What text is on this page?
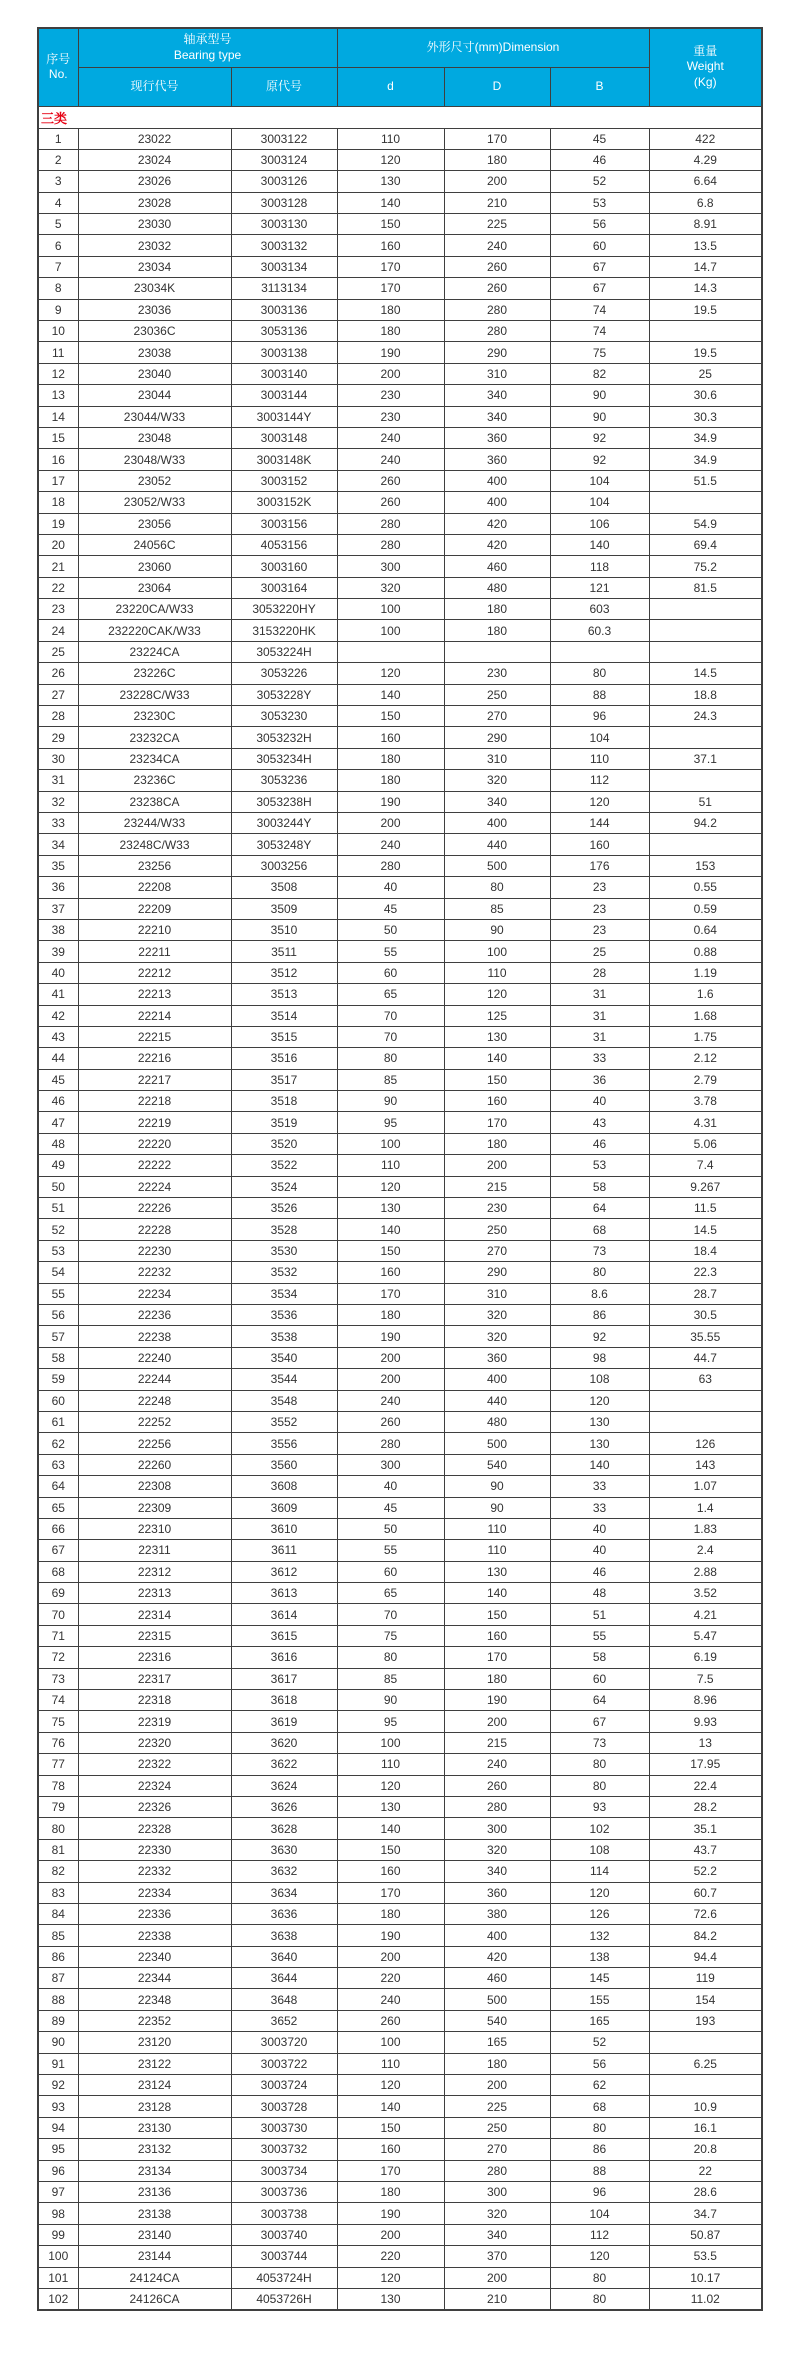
序号
No.	轴承型号
Bearing type		外形尺寸(mm)Dimension			重量
Weight
(Kg)
	现行代号	原代号	d	D	B	
三类						
1	23022	3003122	110	170	45	422
2	23024	3003124	120	180	46	4.29
3	23026	3003126	130	200	52	6.64
4	23028	3003128	140	210	53	6.8
5	23030	3003130	150	225	56	8.91
6	23032	3003132	160	240	60	13.5
7	23034	3003134	170	260	67	14.7
8	23034K	3113134	170	260	67	14.3
9	23036	3003136	180	280	74	19.5
10	23036C	3053136	180	280	74	
11	23038	3003138	190	290	75	19.5
12	23040	3003140	200	310	82	25
13	23044	3003144	230	340	90	30.6
14	23044/W33	3003144Y	230	340	90	30.3
15	23048	3003148	240	360	92	34.9
16	23048/W33	3003148K	240	360	92	34.9
17	23052	3003152	260	400	104	51.5
18	23052/W33	3003152K	260	400	104	
19	23056	3003156	280	420	106	54.9
20	24056C	4053156	280	420	140	69.4
21	23060	3003160	300	460	118	75.2
22	23064	3003164	320	480	121	81.5
23	23220CA/W33	3053220HY	100	180	603	
24	232220CAK/W33	3153220HK	100	180	60.3	
25	23224CA	3053224H				
26	23226C	3053226	120	230	80	14.5
27	23228C/W33	3053228Y	140	250	88	18.8
28	23230C	3053230	150	270	96	24.3
29	23232CA	3053232H	160	290	104	
30	23234CA	3053234H	180	310	110	37.1
31	23236C	3053236	180	320	112	
32	23238CA	3053238H	190	340	120	51
33	23244/W33	3003244Y	200	400	144	94.2
34	23248C/W33	3053248Y	240	440	160	
35	23256	3003256	280	500	176	153
36	22208	3508	40	80	23	0.55
37	22209	3509	45	85	23	0.59
38	22210	3510	50	90	23	0.64
39	22211	3511	55	100	25	0.88
40	22212	3512	60	110	28	1.19
41	22213	3513	65	120	31	1.6
42	22214	3514	70	125	31	1.68
43	22215	3515	70	130	31	1.75
44	22216	3516	80	140	33	2.12
45	22217	3517	85	150	36	2.79
46	22218	3518	90	160	40	3.78
47	22219	3519	95	170	43	4.31
48	22220	3520	100	180	46	5.06
49	22222	3522	110	200	53	7.4
50	22224	3524	120	215	58	9.267
51	22226	3526	130	230	64	11.5
52	22228	3528	140	250	68	14.5
53	22230	3530	150	270	73	18.4
54	22232	3532	160	290	80	22.3
55	22234	3534	170	310	8.6	28.7
56	22236	3536	180	320	86	30.5
57	22238	3538	190	320	92	35.55
58	22240	3540	200	360	98	44.7
59	22244	3544	200	400	108	63
60	22248	3548	240	440	120	
61	22252	3552	260	480	130	
62	22256	3556	280	500	130	126
63	22260	3560	300	540	140	143
64	22308	3608	40	90	33	1.07
65	22309	3609	45	90	33	1.4
66	22310	3610	50	110	40	1.83
67	22311	3611	55	110	40	2.4
68	22312	3612	60	130	46	2.88
69	22313	3613	65	140	48	3.52
70	22314	3614	70	150	51	4.21
71	22315	3615	75	160	55	5.47
72	22316	3616	80	170	58	6.19
73	22317	3617	85	180	60	7.5
74	22318	3618	90	190	64	8.96
75	22319	3619	95	200	67	9.93
76	22320	3620	100	215	73	13
77	22322	3622	110	240	80	17.95
78	22324	3624	120	260	80	22.4
79	22326	3626	130	280	93	28.2
80	22328	3628	140	300	102	35.1
81	22330	3630	150	320	108	43.7
82	22332	3632	160	340	114	52.2
83	22334	3634	170	360	120	60.7
84	22336	3636	180	380	126	72.6
85	22338	3638	190	400	132	84.2
86	22340	3640	200	420	138	94.4
87	22344	3644	220	460	145	119
88	22348	3648	240	500	155	154
89	22352	3652	260	540	165	193
90	23120	3003720	100	165	52	
91	23122	3003722	110	180	56	6.25
92	23124	3003724	120	200	62	
93	23128	3003728	140	225	68	10.9
94	23130	3003730	150	250	80	16.1
95	23132	3003732	160	270	86	20.8
96	23134	3003734	170	280	88	22
97	23136	3003736	180	300	96	28.6
98	23138	3003738	190	320	104	34.7
99	23140	3003740	200	340	112	50.87
100	23144	3003744	220	370	120	53.5
101	24124CA	4053724H	120	200	80	10.17
102	24126CA	4053726H	130	210	80	11.02
